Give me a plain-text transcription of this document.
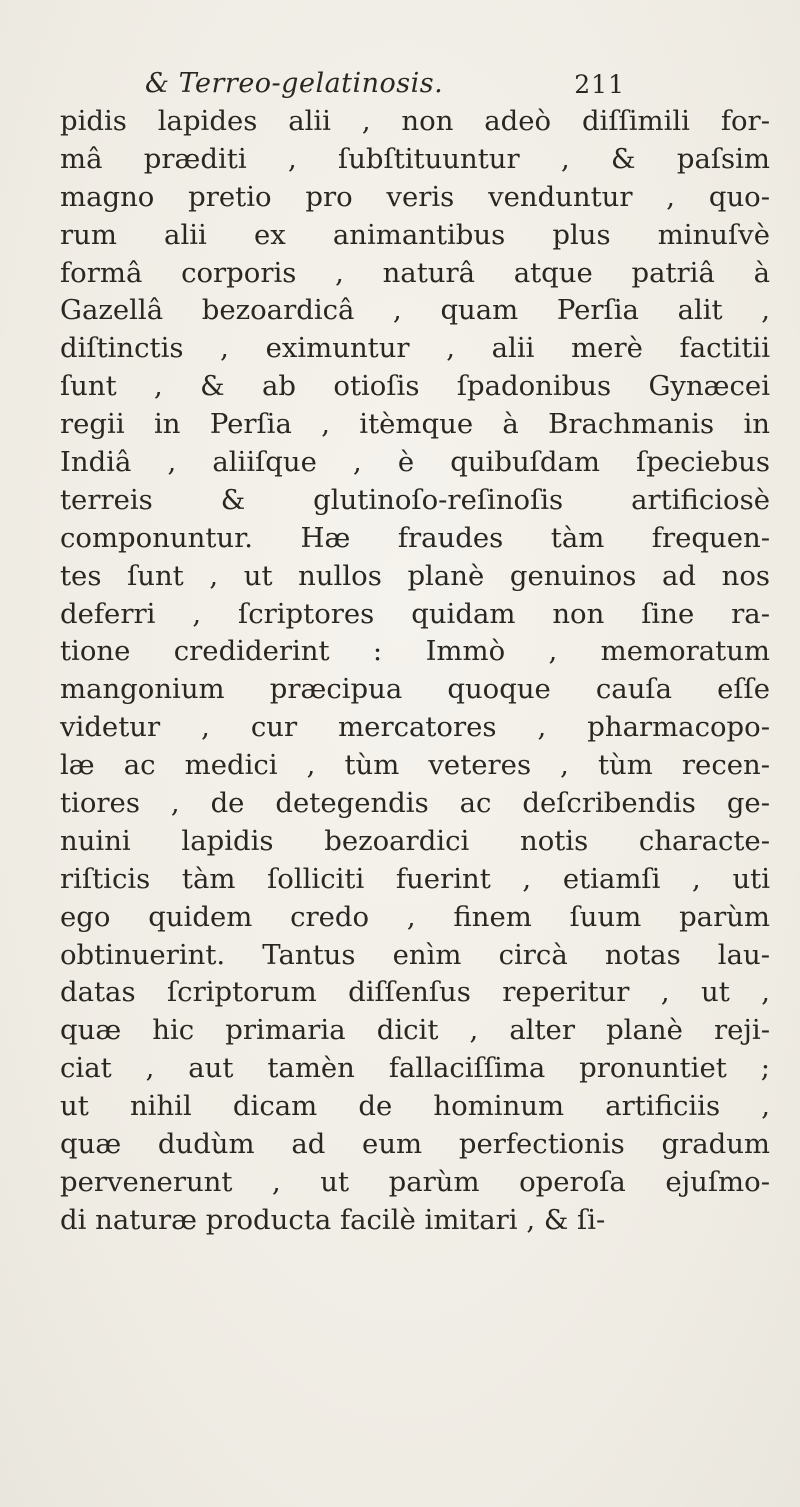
& Terreo-gelatinosis.	211
pidis lapides alii , non adeò diſſimili for-
mâ præditi , ſubſtituuntur , & paſsim
magno pretio pro veris venduntur , quo-
rum alii ex animantibus plus minuſvè
formâ corporis , naturâ atque patriâ à
Gazellâ bezoardicâ , quam Perſia alit ,
diſtinctis , eximuntur , alii merè factitii
ſunt , & ab otioſis ſpadonibus Gynæcei
regii in Perſia , itèmque à Brachmanis in
Indiâ , aliiſque , è quibuſdam ſpeciebus
terreis & glutinoſo-reſinoſis artificiosè
componuntur. Hæ fraudes tàm frequen-
tes ſunt , ut nullos planè genuinos ad nos
deferri , ſcriptores quidam non ſine ra-
tione crediderint : Immò , memoratum
mangonium præcipua quoque cauſa eſſe
videtur , cur mercatores , pharmacopo-
læ ac medici , tùm veteres , tùm recen-
tiores , de detegendis ac deſcribendis ge-
nuini lapidis bezoardici notis characte-
riſticis tàm ſolliciti fuerint , etiamſi , uti
ego quidem credo , finem ſuum parùm
obtinuerint. Tantus enìm circà notas lau-
datas ſcriptorum diſſenſus reperitur , ut ,
quæ hic primaria dicit , alter planè reji-
ciat , aut tamèn fallaciſſima pronuntiet ;
ut nihil dicam de hominum artificiis ,
quæ dudùm ad eum perfectionis gradum
pervenerunt , ut parùm operoſa ejuſmo-
di naturæ producta facilè imitari , & ſi-
